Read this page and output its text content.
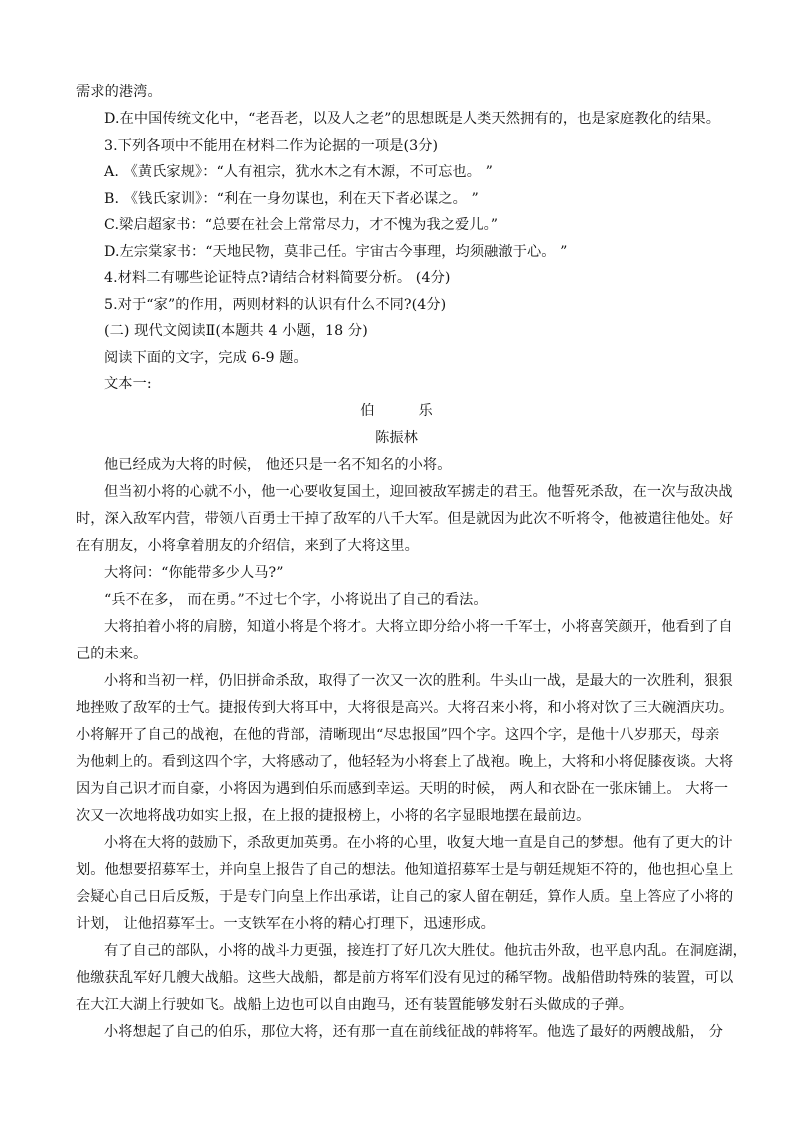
需求的港湾。
D.在中国传统文化中，“老吾老，以及人之老”的思想既是人类天然拥有的，也是家庭教化的结果。
3.下列各项中不能用在材料二作为论据的一项是(3分)
A. 《黄氏家规》：“人有祖宗，犹水木之有木源，不可忘也。 ”
B. 《钱氏家训》：“利在一身勿谋也，利在天下者必谋之。 ”
C.梁启超家书：“总要在社会上常常尽力，才不愧为我之爱儿。”
D.左宗棠家书：“天地民物，莫非己任。宇宙古今事理，均须融澈于心。 ”
4.材料二有哪些论证特点?请结合材料简要分析。 (4分)
5.对于“家”的作用，两则材料的认识有什么不同?(4分)
(二) 现代文阅读Ⅱ(本题共 4 小题，18 分)
阅读下面的文字，完成 6-9 题。
文本一:
伯	乐
陈振林
他已经成为大将的时候， 他还只是一名不知名的小将。
但当初小将的心就不小，他一心要收复国土，迎回被敌军掳走的君王。他誓死杀敌，在一次与敌决战
时，深入敌军内营，带领八百勇士干掉了敌军的八千大军。但是就因为此次不听将令，他被遣往他处。好
在有朋友，小将拿着朋友的介绍信，来到了大将这里。
大将问：“你能带多少人马?”
“兵不在多， 而在勇。”不过七个字，小将说出了自己的看法。
大将拍着小将的肩膀，知道小将是个将才。大将立即分给小将一千军士，小将喜笑颜开，他看到了自
己的未来。
小将和当初一样，仍旧拼命杀敌，取得了一次又一次的胜利。牛头山一战，是最大的一次胜利，狠狠
地挫败了敌军的士气。捷报传到大将耳中，大将很是高兴。大将召来小将，和小将对饮了三大碗酒庆功。
小将解开了自己的战袍，在他的背部，清晰现出“尽忠报国”四个字。这四个字，是他十八岁那天，母亲
为他刺上的。看到这四个字，大将感动了，他轻轻为小将套上了战袍。晚上，大将和小将促膝夜谈。大将
因为自己识才而自豪，小将因为遇到伯乐而感到幸运。天明的时候， 两人和衣卧在一张床铺上。 大将一
次又一次地将战功如实上报，在上报的捷报榜上，小将的名字显眼地摆在最前边。
小将在大将的鼓励下，杀敌更加英勇。在小将的心里，收复大地一直是自己的梦想。他有了更大的计
划。他想要招募军士，并向皇上报告了自己的想法。他知道招募军士是与朝廷规矩不符的，他也担心皇上
会疑心自己日后反叛，于是专门向皇上作出承诺，让自己的家人留在朝廷，算作人质。皇上答应了小将的
计划， 让他招募军士。一支铁军在小将的精心打理下，迅速形成。
有了自己的部队，小将的战斗力更强，接连打了好几次大胜仗。他抗击外敌，也平息内乱。在洞庭湖，
他缴获乱军好几艘大战船。这些大战船，都是前方将军们没有见过的稀罕物。战船借助特殊的装置，可以
在大江大湖上行驶如飞。战船上边也可以自由跑马，还有装置能够发射石头做成的子弹。
小将想起了自己的伯乐，那位大将，还有那一直在前线征战的韩将军。他选了最好的两艘战船， 分
